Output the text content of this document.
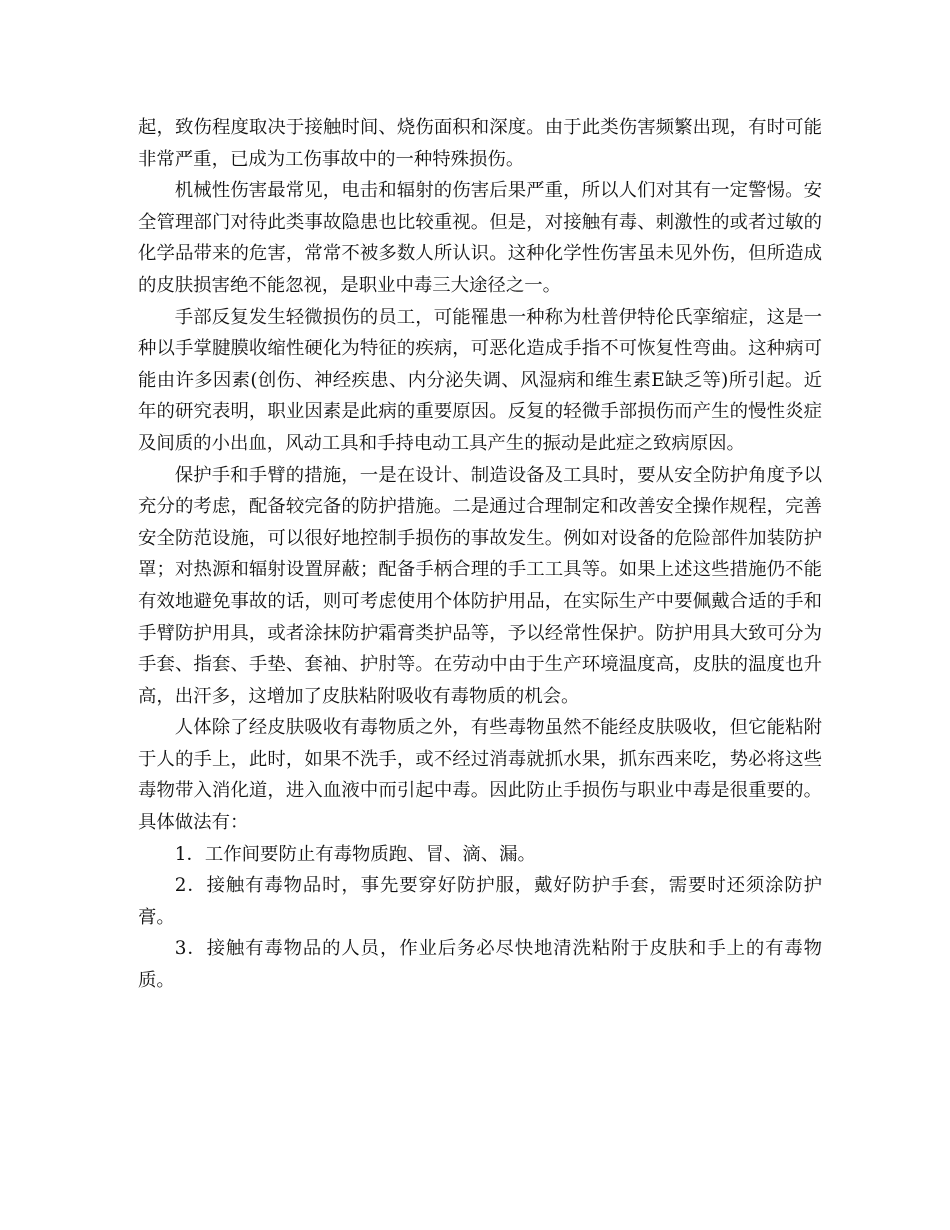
起，致伤程度取决于接触时间、烧伤面积和深度。由于此类伤害频繁出现，有时可能非常严重，已成为工伤事故中的一种特殊损伤。

机械性伤害最常见，电击和辐射的伤害后果严重，所以人们对其有一定警惕。安全管理部门对待此类事故隐患也比较重视。但是，对接触有毒、刺激性的或者过敏的化学品带来的危害，常常不被多数人所认识。这种化学性伤害虽未见外伤，但所造成的皮肤损害绝不能忽视，是职业中毒三大途径之一。

手部反复发生轻微损伤的员工，可能罹患一种称为杜普伊特伦氏挛缩症，这是一种以手掌腱膜收缩性硬化为特征的疾病，可恶化造成手指不可恢复性弯曲。这种病可能由许多因素(创伤、神经疾患、内分泌失调、风湿病和维生素E缺乏等)所引起。近年的研究表明，职业因素是此病的重要原因。反复的轻微手部损伤而产生的慢性炎症及间质的小出血，风动工具和手持电动工具产生的振动是此症之致病原因。

保护手和手臂的措施，一是在设计、制造设备及工具时，要从安全防护角度予以充分的考虑，配备较完备的防护措施。二是通过合理制定和改善安全操作规程，完善安全防范设施，可以很好地控制手损伤的事故发生。例如对设备的危险部件加装防护罩；对热源和辐射设置屏蔽；配备手柄合理的手工工具等。如果上述这些措施仍不能有效地避免事故的话，则可考虑使用个体防护用品，在实际生产中要佩戴合适的手和手臂防护用具，或者涂抹防护霜膏类护品等，予以经常性保护。防护用具大致可分为手套、指套、手垫、套袖、护肘等。在劳动中由于生产环境温度高，皮肤的温度也升高，出汗多，这增加了皮肤粘附吸收有毒物质的机会。

人体除了经皮肤吸收有毒物质之外，有些毒物虽然不能经皮肤吸收，但它能粘附于人的手上，此时，如果不洗手，或不经过消毒就抓水果，抓东西来吃，势必将这些毒物带入消化道，进入血液中而引起中毒。因此防止手损伤与职业中毒是很重要的。具体做法有：

1．工作间要防止有毒物质跑、冒、滴、漏。

2．接触有毒物品时，事先要穿好防护服，戴好防护手套，需要时还须涂防护膏。

3．接触有毒物品的人员，作业后务必尽快地清洗粘附于皮肤和手上的有毒物质。
